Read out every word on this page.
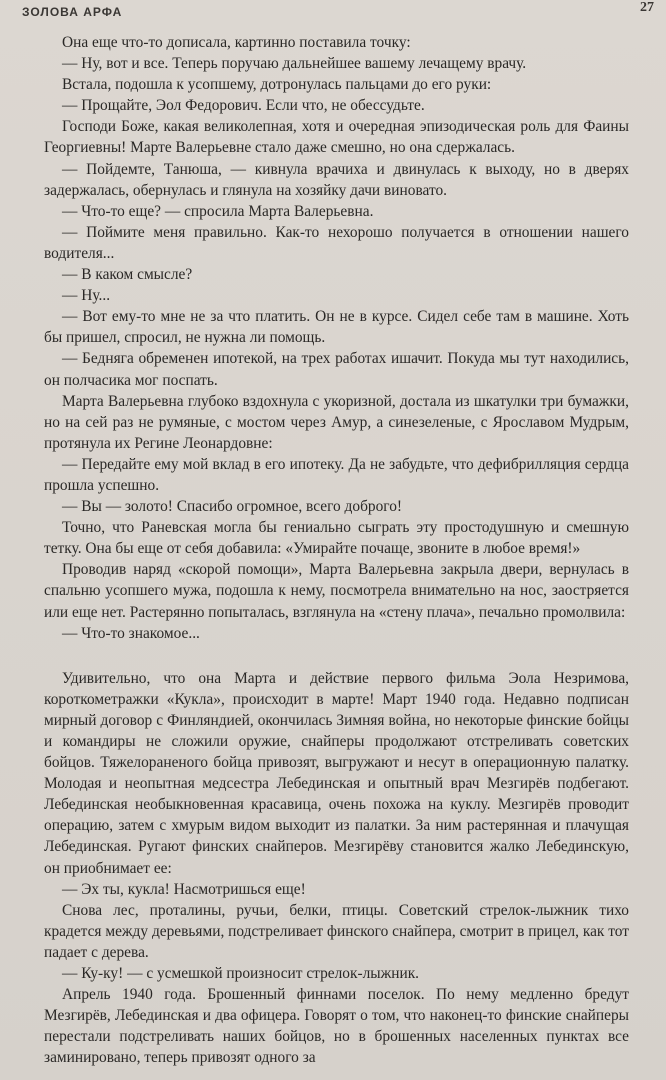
ЗОЛОВА АРФА	27

Она еще что-то дописала, картинно поставила точку:

— Ну, вот и все. Теперь поручаю дальнейшее вашему лечащему врачу.

Встала, подошла к усопшему, дотронулась пальцами до его руки:

— Прощайте, Эол Федорович. Если что, не обессудьте.

Господи Боже, какая великолепная, хотя и очередная эпизодическая роль для Фаины Георгиевны! Марте Валерьевне стало даже смешно, но она сдержалась.

— Пойдемте, Танюша, — кивнула врачиха и двинулась к выходу, но в дверях задержалась, обернулась и глянула на хозяйку дачи виновато.

— Что-то еще? — спросила Марта Валерьевна.

— Поймите меня правильно. Как-то нехорошо получается в отношении нашего водителя...

— В каком смысле?

— Ну...

— Вот ему-то мне не за что платить. Он не в курсе. Сидел себе там в машине. Хоть бы пришел, спросил, не нужна ли помощь.

— Бедняга обременен ипотекой, на трех работах ишачит. Покуда мы тут находились, он полчасика мог поспать.

Марта Валерьевна глубоко вздохнула с укоризной, достала из шкатулки три бумажки, но на сей раз не румяные, с мостом через Амур, а синезеленые, с Ярославом Мудрым, протянула их Регине Леонардовне:

— Передайте ему мой вклад в его ипотеку. Да не забудьте, что дефибрилляция сердца прошла успешно.

— Вы — золото! Спасибо огромное, всего доброго!

Точно, что Раневская могла бы гениально сыграть эту простодушную и смешную тетку. Она бы еще от себя добавила: «Умирайте почаще, звоните в любое время!»

Проводив наряд «скорой помощи», Марта Валерьевна закрыла двери, вернулась в спальню усопшего мужа, подошла к нему, посмотрела внимательно на нос, заостряется или еще нет. Растерянно попыталась, взглянула на «стену плача», печально промолвила:

— Что-то знакомое...

Удивительно, что она Марта и действие первого фильма Эола Незримова, короткометражки «Кукла», происходит в марте! Март 1940 года. Недавно подписан мирный договор с Финляндией, окончилась Зимняя война, но некоторые финские бойцы и командиры не сложили оружие, снайперы продолжают отстреливать советских бойцов. Тяжелораненого бойца привозят, выгружают и несут в операционную палатку. Молодая и неопытная медсестра Лебединская и опытный врач Мезгирёв подбегают. Лебединская необыкновенная красавица, очень похожа на куклу. Мезгирёв проводит операцию, затем с хмурым видом выходит из палатки. За ним растерянная и плачущая Лебединская. Ругают финских снайперов. Мезгирёву становится жалко Лебединскую, он приобнимает ее:

— Эх ты, кукла! Насмотришься еще!

Снова лес, проталины, ручьи, белки, птицы. Советский стрелок-лыжник тихо крадется между деревьями, подстреливает финского снайпера, смотрит в прицел, как тот падает с дерева.

— Ку-ку! — с усмешкой произносит стрелок-лыжник.

Апрель 1940 года. Брошенный финнами поселок. По нему медленно бредут Мезгирёв, Лебединская и два офицера. Говорят о том, что наконец-то финские снайперы перестали подстреливать наших бойцов, но в брошенных населенных пунктах все заминировано, теперь привозят одного за
